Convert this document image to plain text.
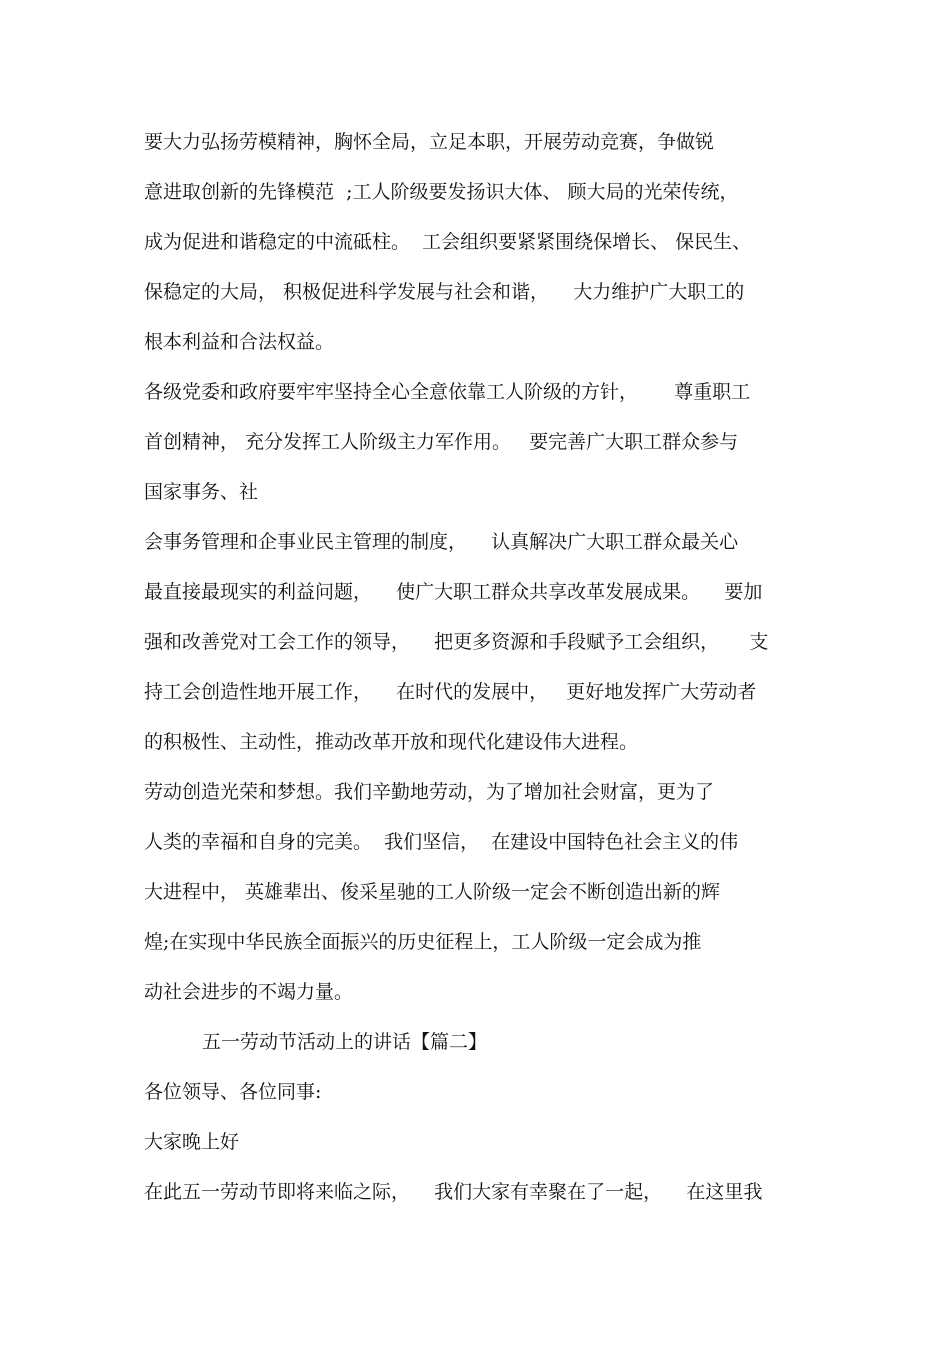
要大力弘扬劳模精神，胸怀全局，立足本职，开展劳动竞赛，争做锐
意进取创新的先锋模范  ;工人阶级要发扬识大体、 顾大局的光荣传统，
成为促进和谐稳定的中流砥柱。  工会组织要紧紧围绕保增长、 保民生、
保稳定的大局， 积极促进科学发展与社会和谐，    大力维护广大职工的
根本利益和合法权益。
各级党委和政府要牢牢坚持全心全意依靠工人阶级的方针，      尊重职工
首创精神， 充分发挥工人阶级主力军作用。   要完善广大职工群众参与
国家事务、社
会事务管理和企事业民主管理的制度，    认真解决广大职工群众最关心
最直接最现实的利益问题，    使广大职工群众共享改革发展成果。    要加
强和改善党对工会工作的领导，    把更多资源和手段赋予工会组织，     支
持工会创造性地开展工作，    在时代的发展中，   更好地发挥广大劳动者
的积极性、主动性，推动改革开放和现代化建设伟大进程。
劳动创造光荣和梦想。我们辛勤地劳动，为了增加社会财富，更为了
人类的幸福和自身的完美。  我们坚信，  在建设中国特色社会主义的伟
大进程中， 英雄辈出、俊采星驰的工人阶级一定会不断创造出新的辉
煌;在实现中华民族全面振兴的历史征程上，工人阶级一定会成为推
动社会进步的不竭力量。
五一劳动节活动上的讲话【篇二】
各位领导、各位同事:
大家晚上好
在此五一劳动节即将来临之际，    我们大家有幸聚在了一起，    在这里我
